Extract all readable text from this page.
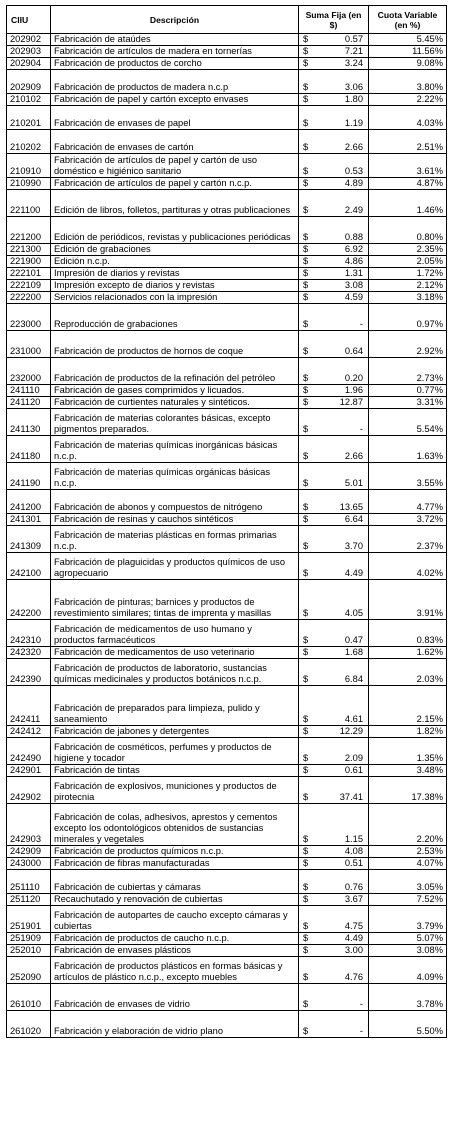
CIIU	Descripción	Suma Fija (en $)	Cuota Variable (en %)
202902	Fabricación de ataúdes	$ 0.57	5.45%
202903	Fabricación de artículos de madera en tornerías	$ 7.21	11.56%
202904	Fabricación de productos de corcho	$ 3.24	9.08%
202909	Fabricación de productos de madera n.c.p	$ 3.06	3.80%
210102	Fabricación de papel y cartón excepto envases	$ 1.80	2.22%
210201	Fabricación de envases de papel	$ 1.19	4.03%
210202	Fabricación de envases de cartón	$ 2.66	2.51%
210910	Fabricación de artículos de papel y cartón de uso doméstico e higiénico sanitario	$ 0.53	3.61%
210990	Fabricación de artículos de papel y cartón n.c.p.	$ 4.89	4.87%
221100	Edición de libros, folletos, partituras y otras publicaciones	$ 2.49	1.46%
221200	Edición de periódicos, revistas y publicaciones periódicas	$ 0.88	0.80%
221300	Edición de grabaciones	$ 6.92	2.35%
221900	Edición n.c.p.	$ 4.86	2.05%
222101	Impresión de diarios y revistas	$ 1.31	1.72%
222109	Impresión excepto de diarios y revistas	$ 3.08	2.12%
222200	Servicios relacionados con la impresión	$ 4.59	3.18%
223000	Reproducción de grabaciones	$ -	0.97%
231000	Fabricación de productos de hornos de coque	$ 0.64	2.92%
232000	Fabricación de productos de la refinación del petróleo	$ 0.20	2.73%
241110	Fabricación de gases comprimidos y licuados.	$ 1.96	0.77%
241120	Fabricación de curtientes naturales y sintéticos.	$ 12.87	3.31%
241130	Fabricación de materias colorantes básicas, excepto pigmentos preparados.	$ -	5.54%
241180	Fabricación de materias químicas inorgánicas básicas n.c.p.	$ 2.66	1.63%
241190	Fabricación de materias químicas orgánicas básicas n.c.p.	$ 5.01	3.55%
241200	Fabricación de abonos y compuestos de nitrógeno	$ 13.65	4.77%
241301	Fabricación de resinas y cauchos sintéticos	$ 6.64	3.72%
241309	Fabricación de materias plásticas en formas primarias n.c.p.	$ 3.70	2.37%
242100	Fabricación de plaguicidas y productos químicos de uso agropecuario	$ 4.49	4.02%
242200	Fabricación de pinturas; barnices y productos de revestimiento similares; tintas de imprenta y masillas	$ 4.05	3.91%
242310	Fabricación de medicamentos de uso humano y productos farmacéuticos	$ 0.47	0.83%
242320	Fabricación de medicamentos de uso veterinario	$ 1.68	1.62%
242390	Fabricación de productos de laboratorio, sustancias químicas medicinales y productos botánicos n.c.p.	$ 6.84	2.03%
242411	Fabricación de preparados para limpieza, pulido y saneamiento	$ 4.61	2.15%
242412	Fabricación de jabones y detergentes	$ 12.29	1.82%
242490	Fabricación de cosméticos, perfumes y productos de higiene y tocador	$ 2.09	1.35%
242901	Fabricación de tintas	$ 0.61	3.48%
242902	Fabricación de explosivos, municiones y productos de pirotecnia	$ 37.41	17.38%
242903	Fabricación de colas, adhesivos, aprestos y cementos excepto los odontológicos obtenidos de sustancias minerales y vegetales	$ 1.15	2.20%
242909	Fabricación de productos químicos n.c.p.	$ 4.08	2.53%
243000	Fabricación de fibras manufacturadas	$ 0.51	4.07%
251110	Fabricación de cubiertas y cámaras	$ 0.76	3.05%
251120	Recauchutado y renovación de cubiertas	$ 3.67	7.52%
251901	Fabricación de autopartes de caucho excepto cámaras y cubiertas	$ 4.75	3.79%
251909	Fabricación de productos de caucho n.c.p.	$ 4.49	5.07%
252010	Fabricación de envases plásticos	$ 3.00	3.08%
252090	Fabricación de productos plásticos en formas básicas y artículos de plástico n.c.p., excepto muebles	$ 4.76	4.09%
261010	Fabricación de envases de vidrio	$ -	3.78%
261020	Fabricación y elaboración de vidrio plano	$ -	5.50%
